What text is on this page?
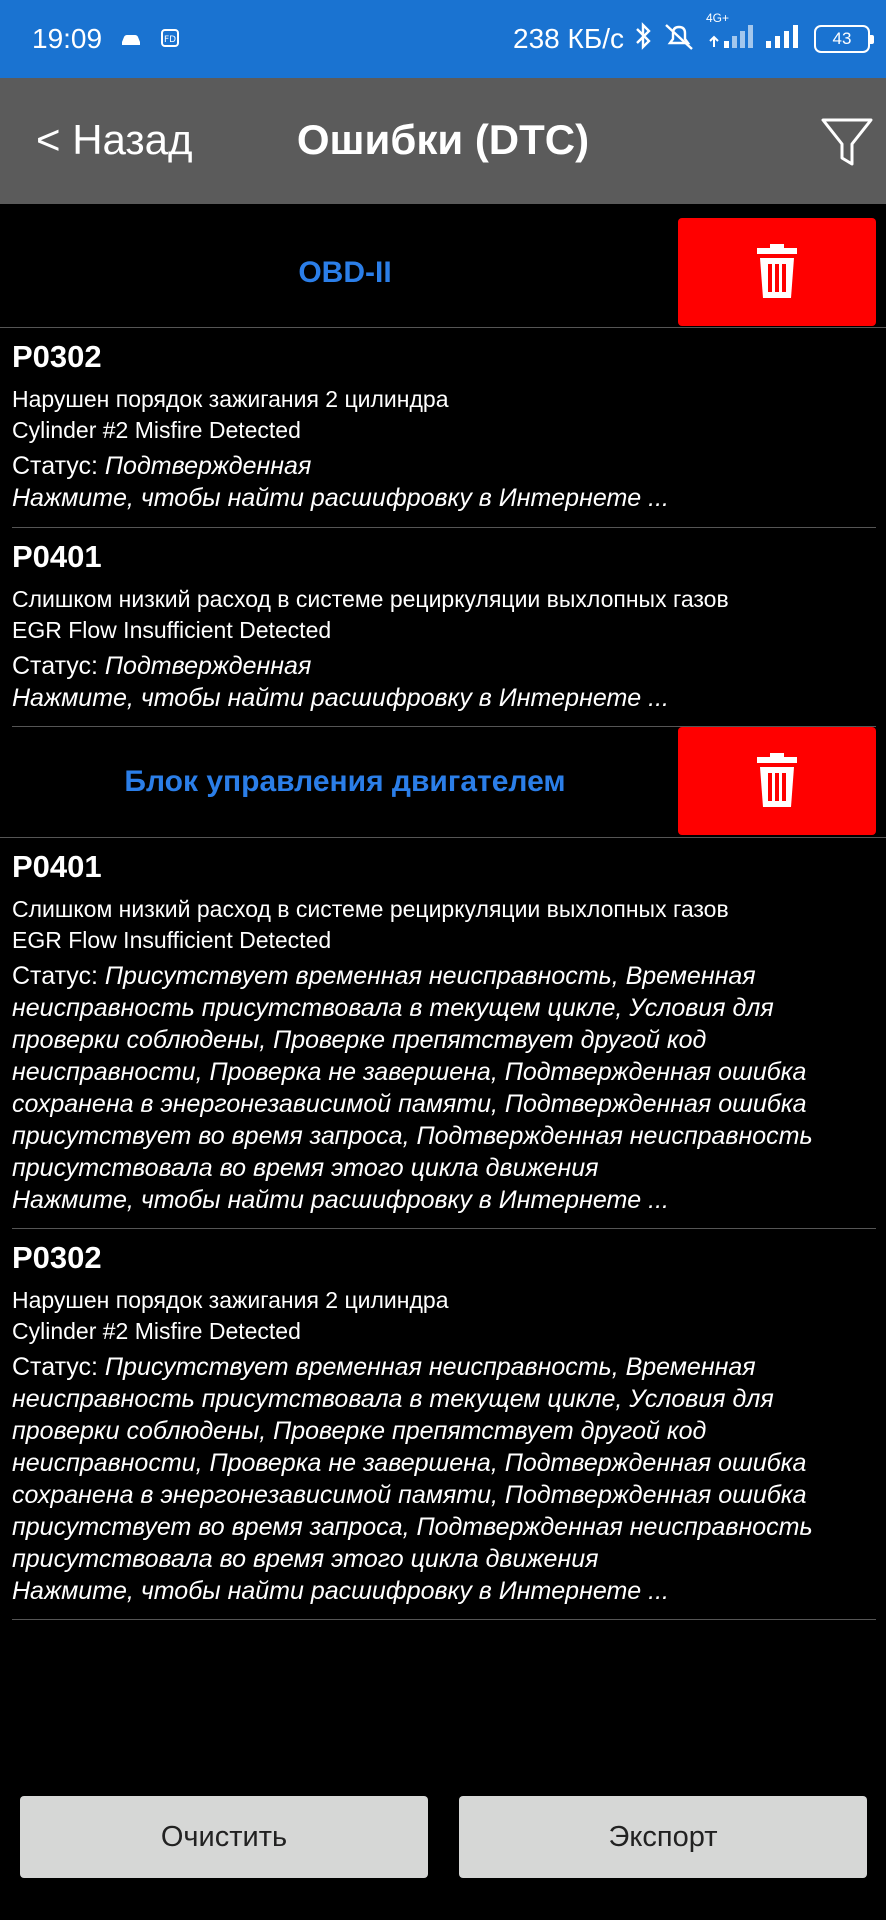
19:09	FD	238 КБ/с
4G+
43
< Назад	Ошибки (DTC)
OBD-II
P0302
Нарушен порядок зажигания 2 цилиндра
Cylinder #2 Misfire Detected
Статус: Подтвержденная
Нажмите, чтобы найти расшифровку в Интернете ...
P0401
Слишком низкий расход в системе рециркуляции выхлопных газов
EGR Flow Insufficient Detected
Статус: Подтвержденная
Нажмите, чтобы найти расшифровку в Интернете ...
Блок управления двигателем
P0401
Слишком низкий расход в системе рециркуляции выхлопных газов
EGR Flow Insufficient Detected
Статус: Присутствует временная неисправность, Временная неисправность присутствовала в текущем цикле, Условия для проверки соблюдены, Проверке препятствует другой код неисправности, Проверка не завершена, Подтвержденная ошибка сохранена в энергонезависимой памяти, Подтвержденная ошибка присутствует во время запроса, Подтвержденная неисправность присутствовала во время этого цикла движения
Нажмите, чтобы найти расшифровку в Интернете ...
P0302
Нарушен порядок зажигания 2 цилиндра
Cylinder #2 Misfire Detected
Статус: Присутствует временная неисправность, Временная неисправность присутствовала в текущем цикле, Условия для проверки соблюдены, Проверке препятствует другой код неисправности, Проверка не завершена, Подтвержденная ошибка сохранена в энергонезависимой памяти, Подтвержденная ошибка присутствует во время запроса, Подтвержденная неисправность присутствовала во время этого цикла движения
Нажмите, чтобы найти расшифровку в Интернете ...
Очистить	Экспорт
